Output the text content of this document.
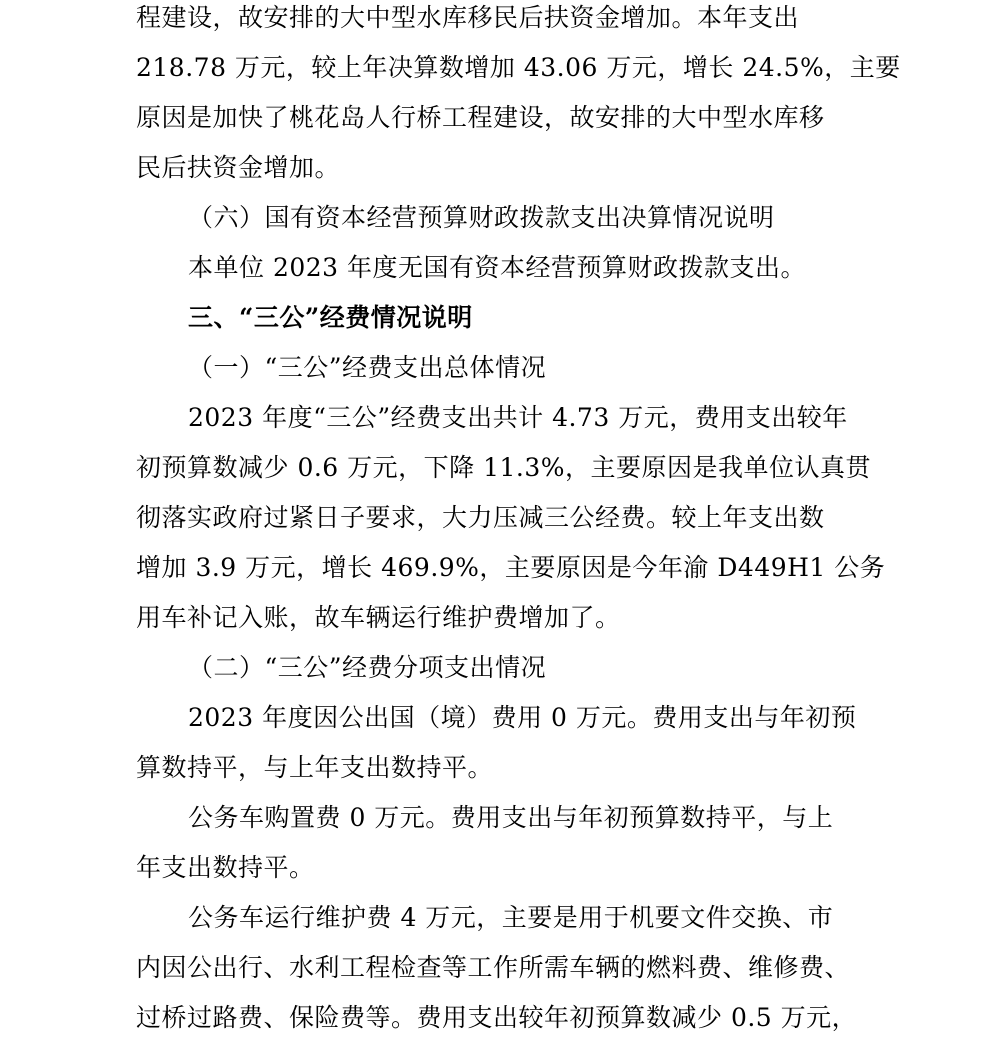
程建设，故安排的大中型水库移民后扶资金增加。本年支出
218.78 万元，较上年决算数增加 43.06 万元，增长 24.5%，主要
原因是加快了桃花岛人行桥工程建设，故安排的大中型水库移
民后扶资金增加。
（六）国有资本经营预算财政拨款支出决算情况说明
本单位 2023 年度无国有资本经营预算财政拨款支出。
三、“三公”经费情况说明
（一）“三公”经费支出总体情况
2023 年度“三公”经费支出共计 4.73 万元，费用支出较年
初预算数减少 0.6 万元，下降 11.3%，主要原因是我单位认真贯
彻落实政府过紧日子要求，大力压减三公经费。较上年支出数
增加 3.9 万元，增长 469.9%，主要原因是今年渝 D449H1 公务
用车补记入账，故车辆运行维护费增加了。
（二）“三公”经费分项支出情况
2023 年度因公出国（境）费用 0 万元。费用支出与年初预
算数持平，与上年支出数持平。
公务车购置费 0 万元。费用支出与年初预算数持平，与上
年支出数持平。
公务车运行维护费 4 万元，主要是用于机要文件交换、市
内因公出行、水利工程检查等工作所需车辆的燃料费、维修费、
过桥过路费、保险费等。费用支出较年初预算数减少 0.5 万元，
